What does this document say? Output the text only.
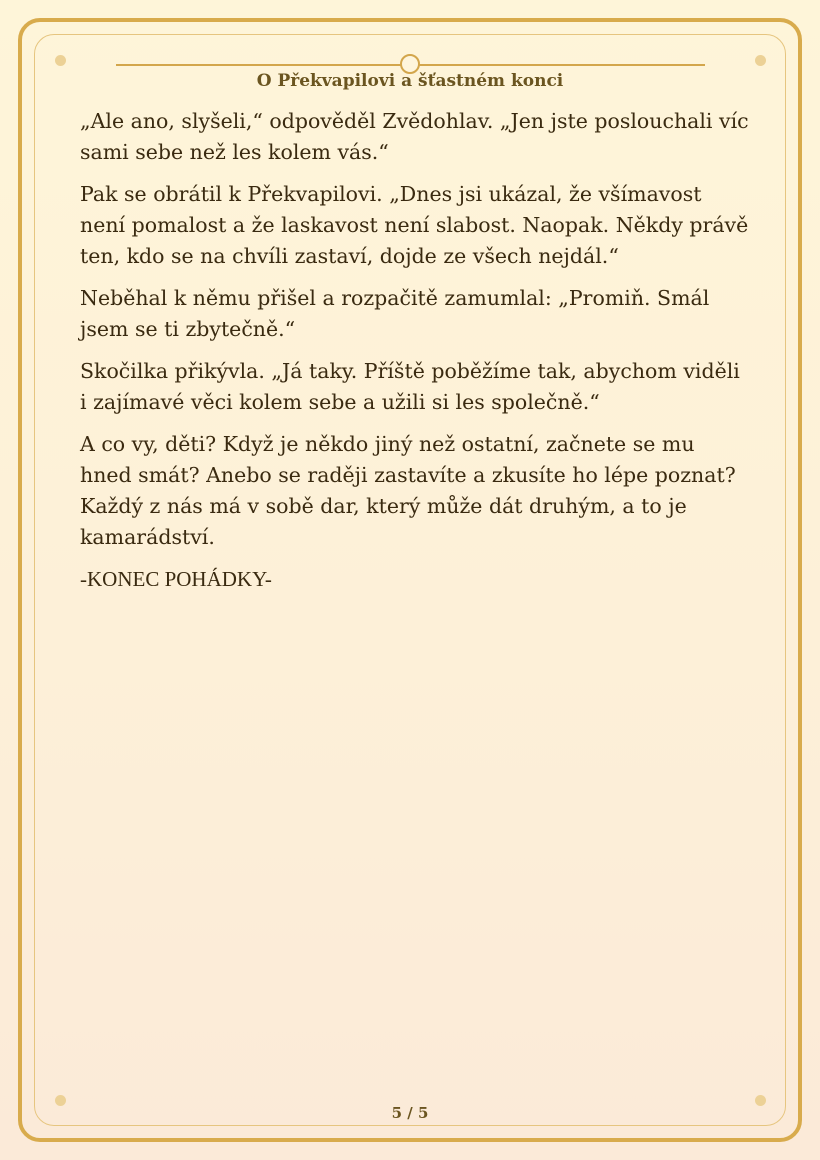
O Překvapilovi a šťastném konci

„Ale ano, slyšeli,“ odpověděl Zvědohlav. „Jen jste poslouchali víc sami sebe než les kolem vás.“

Pak se obrátil k Překvapilovi. „Dnes jsi ukázal, že všímavost není pomalost a že laskavost není slabost. Naopak. Někdy právě ten, kdo se na chvíli zastaví, dojde ze všech nejdál.“

Neběhal k němu přišel a rozpačitě zamumlal: „Promiň. Smál jsem se ti zbytečně.“

Skočilka přikývla. „Já taky. Příště poběžíme tak, abychom viděli i zajímavé věci kolem sebe a užili si les společně.“

A co vy, děti? Když je někdo jiný než ostatní, začnete se mu hned smát? Anebo se raději zastavíte a zkusíte ho lépe poznat? Každý z nás má v sobě dar, který může dát druhým, a to je kamarádství.

-KONEC POHÁDKY-

5 / 5
